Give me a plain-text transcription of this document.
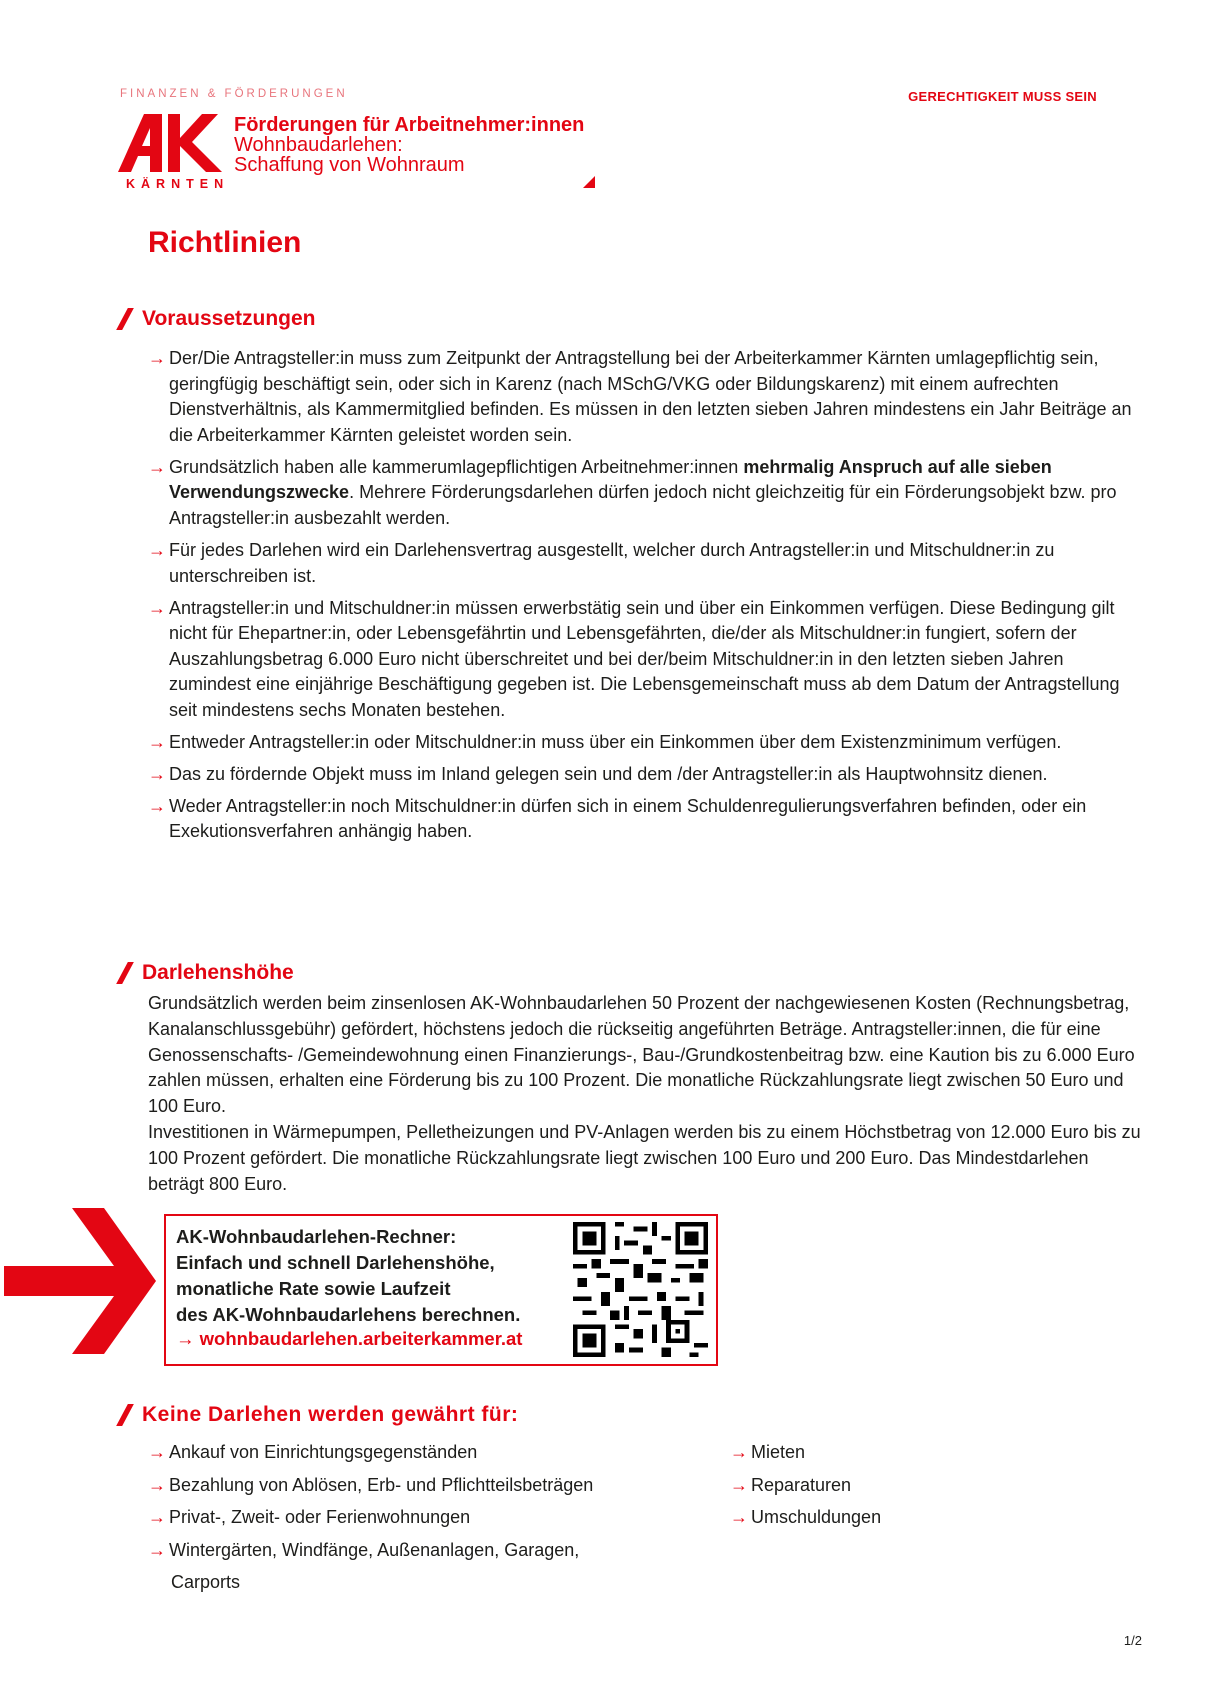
FINANZEN & FÖRDERUNGEN	GERECHTIGKEIT MUSS SEIN
KÄRNTEN
Förderungen für Arbeitnehmer:innen
Wohnbaudarlehen:
Schaffung von Wohnraum
Richtlinien
Voraussetzungen
→ Der/Die Antragsteller:in muss zum Zeitpunkt der Antragstellung bei der Arbeiterkammer Kärnten umlagepflichtig sein, geringfügig beschäftigt sein, oder sich in Karenz (nach MSchG/VKG oder Bildungskarenz) mit einem aufrechten Dienstverhältnis, als Kammermitglied befinden. Es müssen in den letzten sieben Jahren mindestens ein Jahr Beiträge an die Arbeiterkammer Kärnten geleistet worden sein.
→ Grundsätzlich haben alle kammerumlagepflichtigen Arbeitnehmer:innen mehrmalig Anspruch auf alle sieben Verwendungszwecke. Mehrere Förderungsdarlehen dürfen jedoch nicht gleichzeitig für ein Förderungsobjekt bzw. pro Antragsteller:in ausbezahlt werden.
→ Für jedes Darlehen wird ein Darlehensvertrag ausgestellt, welcher durch Antragsteller:in und Mitschuldner:in zu unterschreiben ist.
→ Antragsteller:in und Mitschuldner:in müssen erwerbstätig sein und über ein Einkommen verfügen. Diese Bedingung gilt nicht für Ehepartner:in, oder Lebensgefährtin und Lebensgefährten, die/der als Mitschuldner:in fungiert, sofern der Auszahlungsbetrag 6.000 Euro nicht überschreitet und bei der/beim Mitschuldner:in in den letzten sieben Jahren zumindest eine einjährige Beschäftigung gegeben ist. Die Lebensgemeinschaft muss ab dem Datum der Antragstellung seit mindestens sechs Monaten bestehen.
→ Entweder Antragsteller:in oder Mitschuldner:in muss über ein Einkommen über dem Existenzminimum verfügen.
→ Das zu fördernde Objekt muss im Inland gelegen sein und dem /der Antragsteller:in als Hauptwohnsitz dienen.
→ Weder Antragsteller:in noch Mitschuldner:in dürfen sich in einem Schuldenregulierungsverfahren befinden, oder ein Exekutionsverfahren anhängig haben.
Darlehenshöhe
Grundsätzlich werden beim zinsenlosen AK-Wohnbaudarlehen 50 Prozent der nachgewiesenen Kosten (Rechnungsbetrag, Kanalanschlussgebühr) gefördert, höchstens jedoch die rückseitig angeführten Beträge. Antragsteller:innen, die für eine Genossenschafts- /Gemeindewohnung einen Finanzierungs-, Bau-/Grundkostenbeitrag bzw. eine Kaution bis zu 6.000 Euro zahlen müssen, erhalten eine Förderung bis zu 100 Prozent. Die monatliche Rückzahlungsrate liegt zwischen 50 Euro und 100 Euro.
Investitionen in Wärmepumpen, Pelletheizungen und PV-Anlagen werden bis zu einem Höchstbetrag von 12.000 Euro bis zu 100 Prozent gefördert. Die monatliche Rückzahlungsrate liegt zwischen 100 Euro und 200 Euro. Das Mindestdarlehen beträgt 800 Euro.
AK-Wohnbaudarlehen-Rechner:
Einfach und schnell Darlehenshöhe,
monatliche Rate sowie Laufzeit
des AK-Wohnbaudarlehens berechnen.
→ wohnbaudarlehen.arbeiterkammer.at
Keine Darlehen werden gewährt für:
→ Ankauf von Einrichtungsgegenständen
→ Bezahlung von Ablösen, Erb- und Pflichtteilsbeträgen
→ Privat-, Zweit- oder Ferienwohnungen
→ Wintergärten, Windfänge, Außenanlagen, Garagen,
Carports
→ Mieten
→ Reparaturen
→ Umschuldungen
1/2
